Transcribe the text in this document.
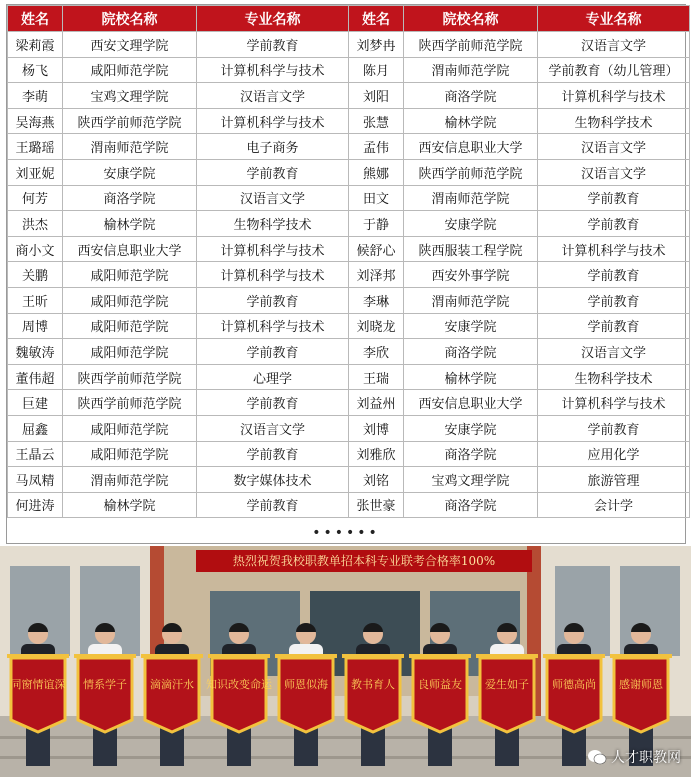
姓名	院校名称	专业名称	姓名	院校名称	专业名称
梁莉霞	西安文理学院	学前教育	刘梦冉	陕西学前师范学院	汉语言文学
杨飞	咸阳师范学院	计算机科学与技术	陈月	渭南师范学院	学前教育（幼儿管理）
李萌	宝鸡文理学院	汉语言文学	刘阳	商洛学院	计算机科学与技术
吴海燕	陕西学前师范学院	计算机科学与技术	张慧	榆林学院	生物科学技术
王璐瑶	渭南师范学院	电子商务	孟伟	西安信息职业大学	汉语言文学
刘亚妮	安康学院	学前教育	熊娜	陕西学前师范学院	汉语言文学
何芳	商洛学院	汉语言文学	田文	渭南师范学院	学前教育
洪杰	榆林学院	生物科学技术	于静	安康学院	学前教育
商小文	西安信息职业大学	计算机科学与技术	候舒心	陕西服装工程学院	计算机科学与技术
关鹏	咸阳师范学院	计算机科学与技术	刘泽邦	西安外事学院	学前教育
王昕	咸阳师范学院	学前教育	李琳	渭南师范学院	学前教育
周博	咸阳师范学院	计算机科学与技术	刘晓龙	安康学院	学前教育
魏敏涛	咸阳师范学院	学前教育	李欣	商洛学院	汉语言文学
董伟超	陕西学前师范学院	心理学	王瑞	榆林学院	生物科学技术
巨建	陕西学前师范学院	学前教育	刘益州	西安信息职业大学	计算机科学与技术
屈鑫	咸阳师范学院	汉语言文学	刘博	安康学院	学前教育
王晶云	咸阳师范学院	学前教育	刘雅欣	商洛学院	应用化学
马凤精	渭南师范学院	数字媒体技术	刘铭	宝鸡文理学院	旅游管理
何进涛	榆林学院	学前教育	张世豪	商洛学院	会计学
••••••
同窗情谊深 情系学子 滴滴汗水 知识改变命运 师恩似海 教书育人 良师益友 爱生如子 师德高尚 感谢师恩
热烈祝贺我校职教单招本科专业联考合格率100%
人才职教网
